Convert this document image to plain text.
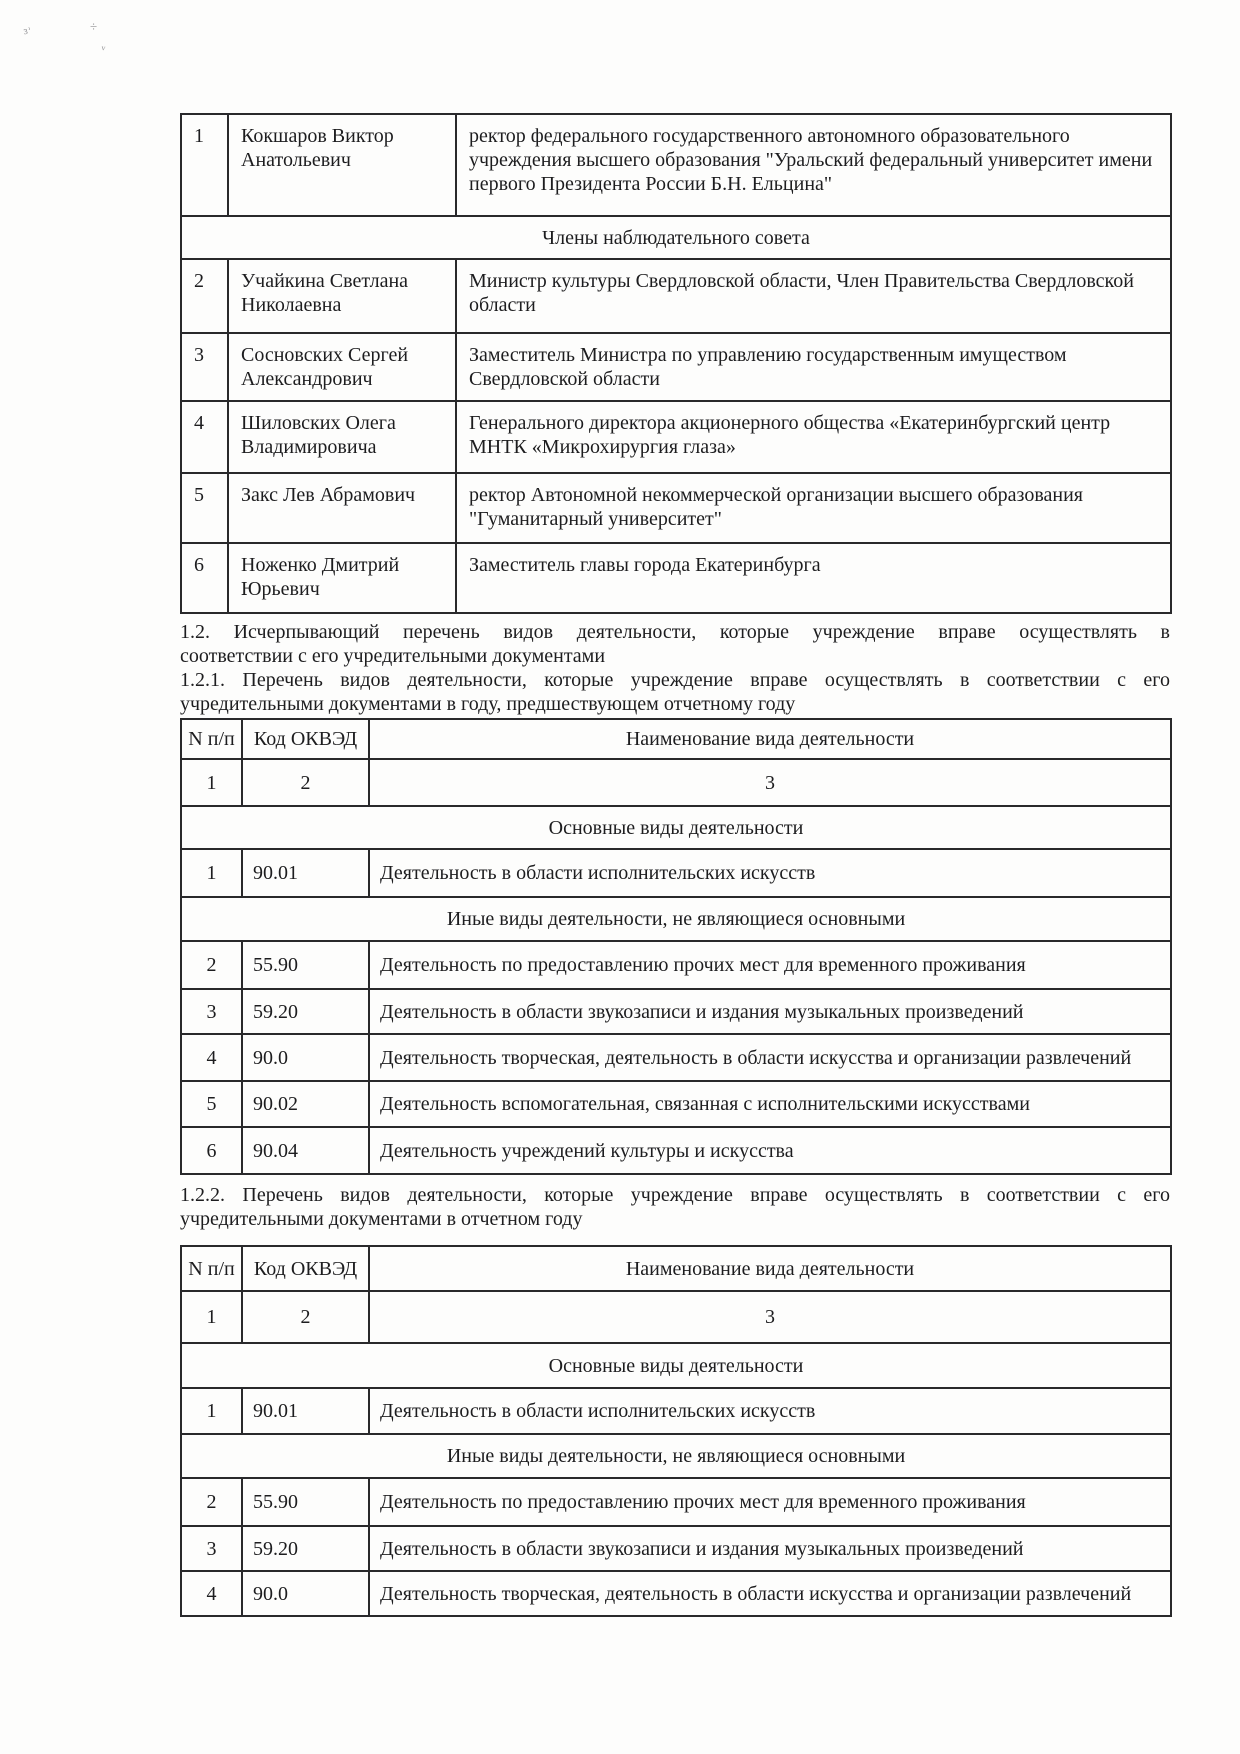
³ʾ	÷
ᵥ
1	Кокшаров Виктор Анатольевич	ректор федерального государственного автономного образовательного учреждения высшего образования "Уральский федеральный университет имени первого Президента России Б.Н. Ельцина"
Члены наблюдательного совета		
2	Учайкина Светлана Николаевна	Министр культуры Свердловской области, Член Правительства Свердловской области
3	Сосновских Сергей Александрович	Заместитель Министра по управлению государственным имуществом Свердловской области
4	Шиловских Олега Владимировича	Генерального директора акционерного общества «Екатеринбургский центр МНТК «Микрохирургия глаза»
5	Закс Лев Абрамович	ректор Автономной некоммерческой организации высшего образования "Гуманитарный университет"
6	Ноженко Дмитрий Юрьевич	Заместитель главы города Екатеринбурга
1.2. Исчерпывающий перечень видов деятельности, которые учреждение вправе осуществлять в
соответствии с его учредительными документами
1.2.1. Перечень видов деятельности, которые учреждение вправе осуществлять в соответствии с его
учредительными документами в году, предшествующем отчетному году
N п/п	Код ОКВЭД	Наименование вида деятельности
1	2	3
Основные виды деятельности		
1	90.01	Деятельность в области исполнительских искусств
Иные виды деятельности, не являющиеся основными		
2	55.90	Деятельность по предоставлению прочих мест для временного проживания
3	59.20	Деятельность в области звукозаписи и издания музыкальных произведений
4	90.0	Деятельность творческая, деятельность в области искусства и организации развлечений
5	90.02	Деятельность вспомогательная, связанная с исполнительскими искусствами
6	90.04	Деятельность учреждений культуры и искусства
1.2.2. Перечень видов деятельности, которые учреждение вправе осуществлять в соответствии с его
учредительными документами в отчетном году
N п/п	Код ОКВЭД	Наименование вида деятельности
1	2	3
Основные виды деятельности		
1	90.01	Деятельность в области исполнительских искусств
Иные виды деятельности, не являющиеся основными		
2	55.90	Деятельность по предоставлению прочих мест для временного проживания
3	59.20	Деятельность в области звукозаписи и издания музыкальных произведений
4	90.0	Деятельность творческая, деятельность в области искусства и организации развлечений
